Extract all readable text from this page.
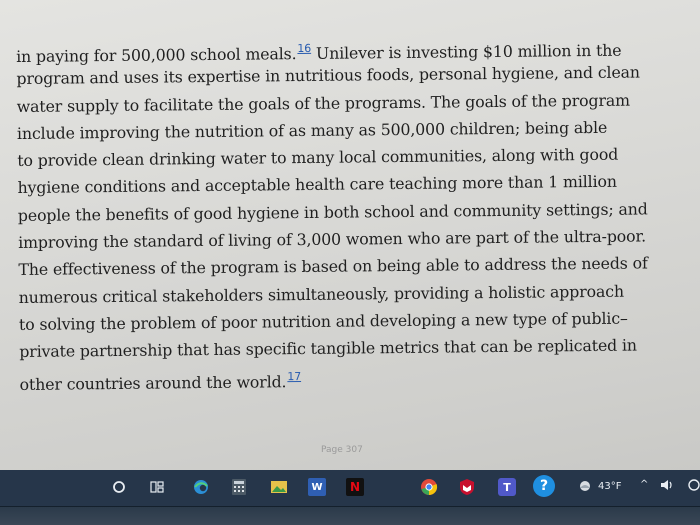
in paying for 500,000 school meals.$^{16}$ Unilever is investing $10 million in the
program and uses its expertise in nutritious foods, personal hygiene, and clean
water supply to facilitate the goals of the programs. The goals of the program
include improving the nutrition of as many as 500,000 children; being able
to provide clean drinking water to many local communities, along with good
hygiene conditions and acceptable health care teaching more than 1 million
people the benefits of good hygiene in both school and community settings; and
improving the standard of living of 3,000 women who are part of the ultra-poor.
The effectiveness of the program is based on being able to address the needs of
numerous critical stakeholders simultaneously, providing a holistic approach
to solving the problem of poor nutrition and developing a new type of public–
private partnership that has specific tangible metrics that can be replicated in
other countries around the world.$^{17}$
Page 307
W N	T ?	43°F ^
